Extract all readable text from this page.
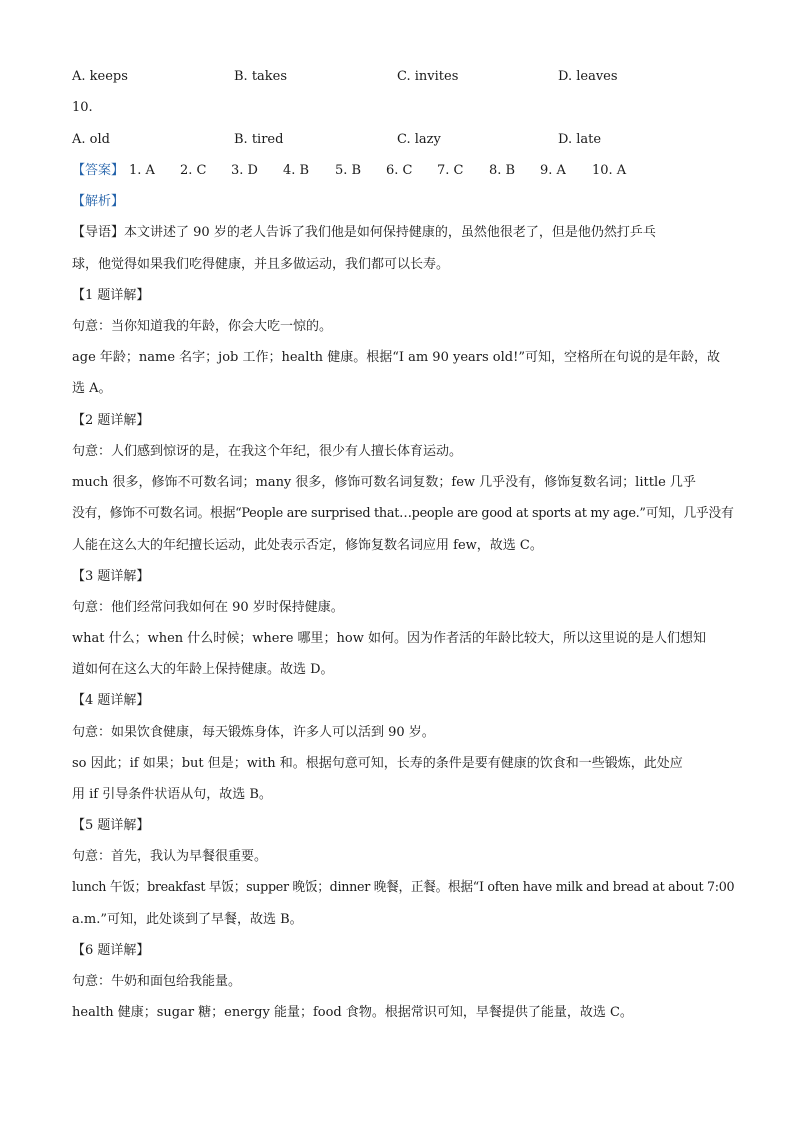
A. keeps	B. takes	C. invites	D. leaves
10.
A. old	B. tired	C. lazy	D. late
【答案】 1. A 2. C 3. D 4. B 5. B 6. C 7. C 8. B 9. A 10. A
【解析】
【导语】本文讲述了 90 岁的老人告诉了我们他是如何保持健康的，虽然他很老了，但是他仍然打乒乓
球，他觉得如果我们吃得健康，并且多做运动，我们都可以长寿。
【1 题详解】
句意：当你知道我的年龄，你会大吃一惊的。
age 年龄；name 名字；job 工作；health 健康。根据“I am 90 years old!”可知，空格所在句说的是年龄，故
选 A。
【2 题详解】
句意：人们感到惊讶的是，在我这个年纪，很少有人擅长体育运动。
much 很多，修饰不可数名词；many 很多，修饰可数名词复数；few 几乎没有，修饰复数名词；little 几乎
没有，修饰不可数名词。根据“People are surprised that…people are good at sports at my age.”可知，几乎没有
人能在这么大的年纪擅长运动，此处表示否定，修饰复数名词应用 few，故选 C。
【3 题详解】
句意：他们经常问我如何在 90 岁时保持健康。
what 什么；when 什么时候；where 哪里；how 如何。因为作者活的年龄比较大，所以这里说的是人们想知
道如何在这么大的年龄上保持健康。故选 D。
【4 题详解】
句意：如果饮食健康，每天锻炼身体，许多人可以活到 90 岁。
so 因此；if 如果；but 但是；with 和。根据句意可知，长寿的条件是要有健康的饮食和一些锻炼，此处应
用 if 引导条件状语从句，故选 B。
【5 题详解】
句意：首先，我认为早餐很重要。
lunch 午饭；breakfast 早饭；supper 晚饭；dinner 晚餐，正餐。根据“I often have milk and bread at about 7:00
a.m.”可知，此处谈到了早餐，故选 B。
【6 题详解】
句意：牛奶和面包给我能量。
health 健康；sugar 糖；energy 能量；food 食物。根据常识可知，早餐提供了能量，故选 C。
